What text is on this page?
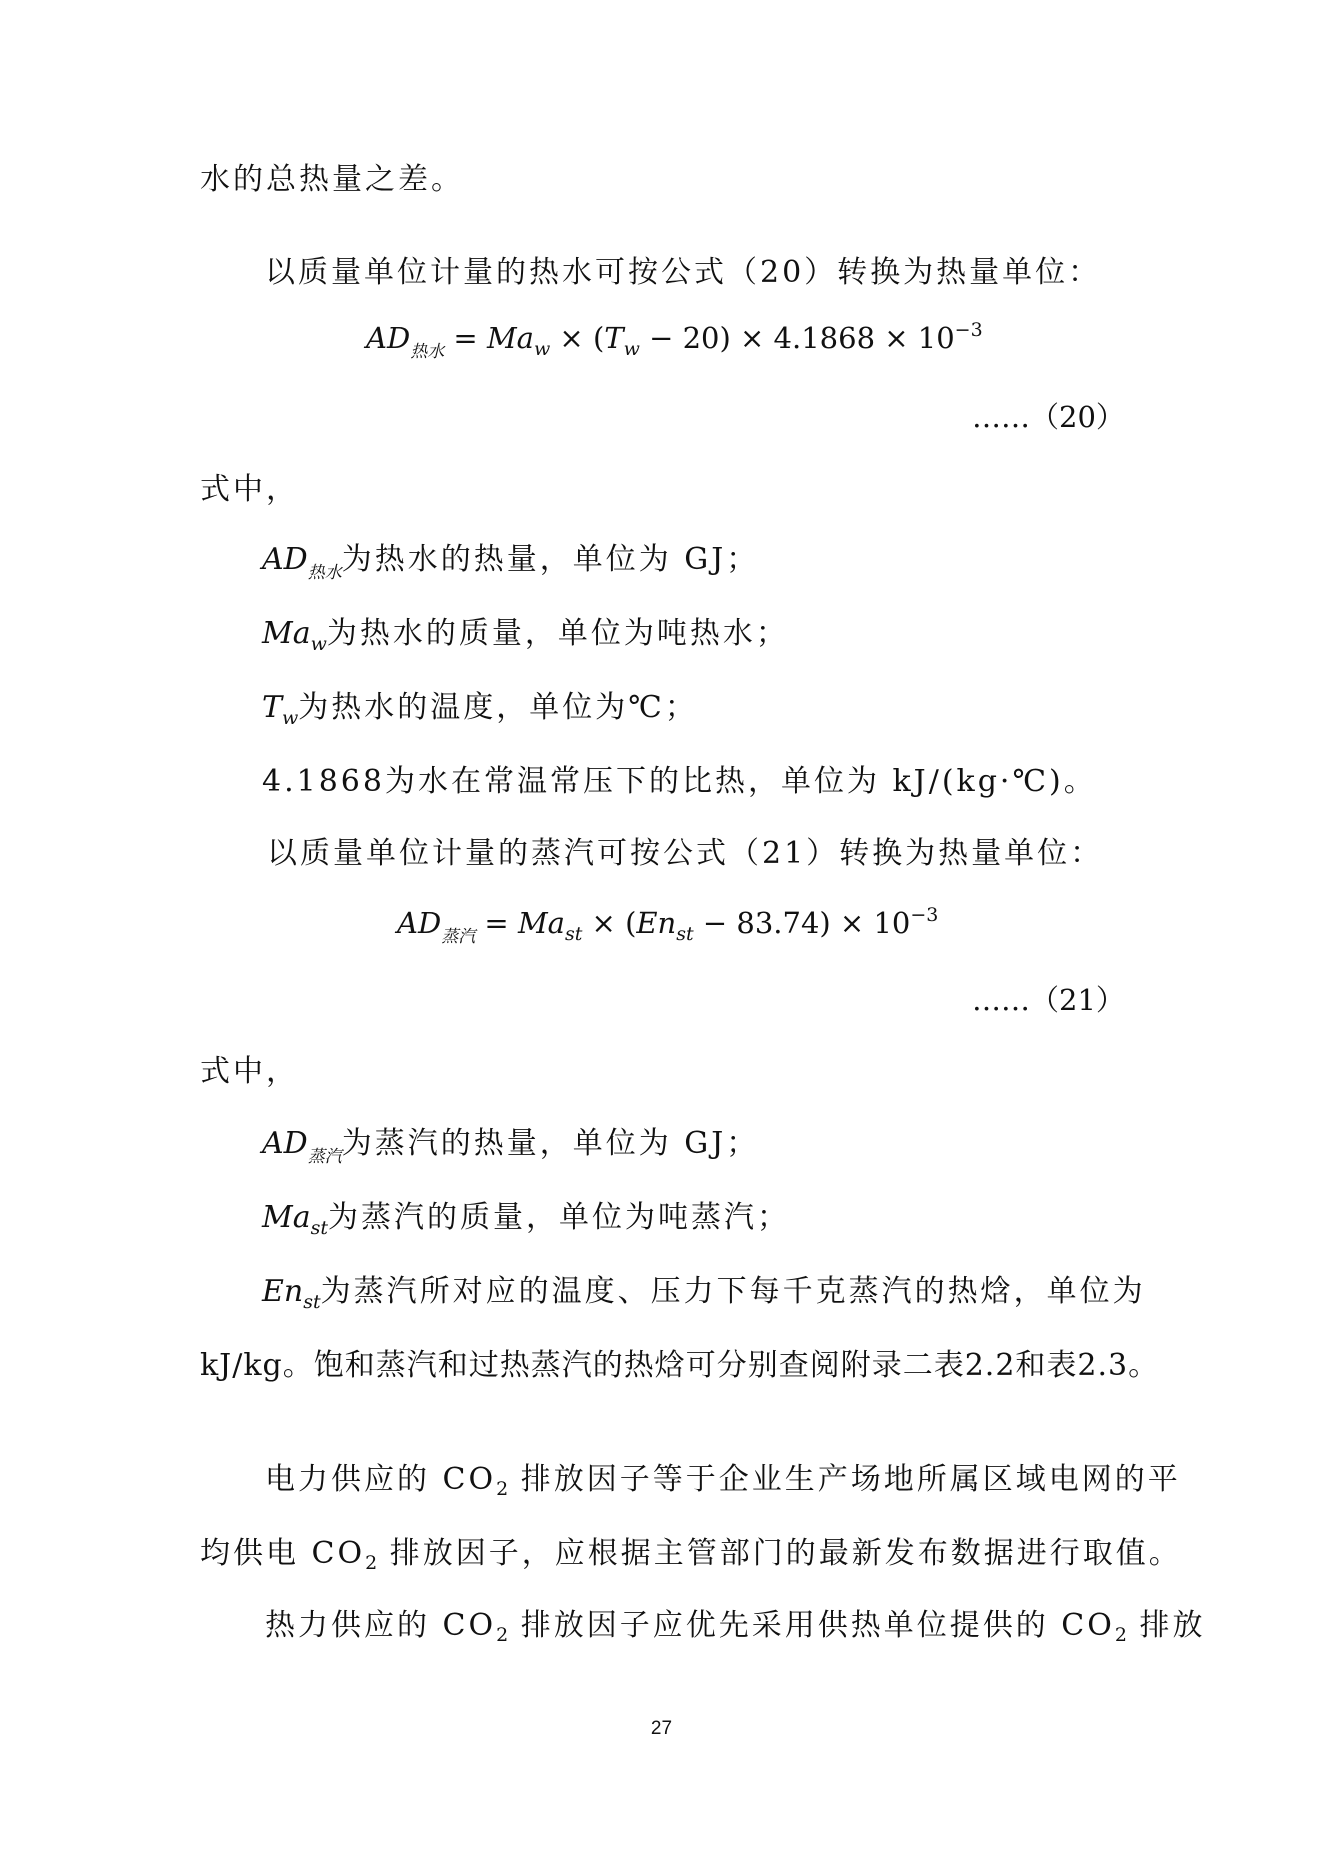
水的总热量之差。
以质量单位计量的热水可按公式（20）转换为热量单位：
$AD_{热水} = Ma_w \times (T_w - 20) \times 4.1868 \times 10^{-3}$
……（20）
式中，
$AD_{热水}$为热水的热量，单位为 GJ；
$Ma_w$为热水的质量，单位为吨热水；
$T_w$为热水的温度，单位为℃；
4.1868为水在常温常压下的比热，单位为 kJ/(kg·℃)。
以质量单位计量的蒸汽可按公式（21）转换为热量单位：
$AD_{蒸汽} = Ma_{st} \times (En_{st} - 83.74) \times 10^{-3}$
……（21）
式中，
$AD_{蒸汽}$为蒸汽的热量，单位为 GJ；
$Ma_{st}$为蒸汽的质量，单位为吨蒸汽；
$En_{st}$为蒸汽所对应的温度、压力下每千克蒸汽的热焓，单位为
kJ/kg。饱和蒸汽和过热蒸汽的热焓可分别查阅附录二表2.2和表2.3。
电力供应的 $CO_2$ 排放因子等于企业生产场地所属区域电网的平
均供电 $CO_2$ 排放因子，应根据主管部门的最新发布数据进行取值。
热力供应的 $CO_2$ 排放因子应优先采用供热单位提供的 $CO_2$ 排放
27
